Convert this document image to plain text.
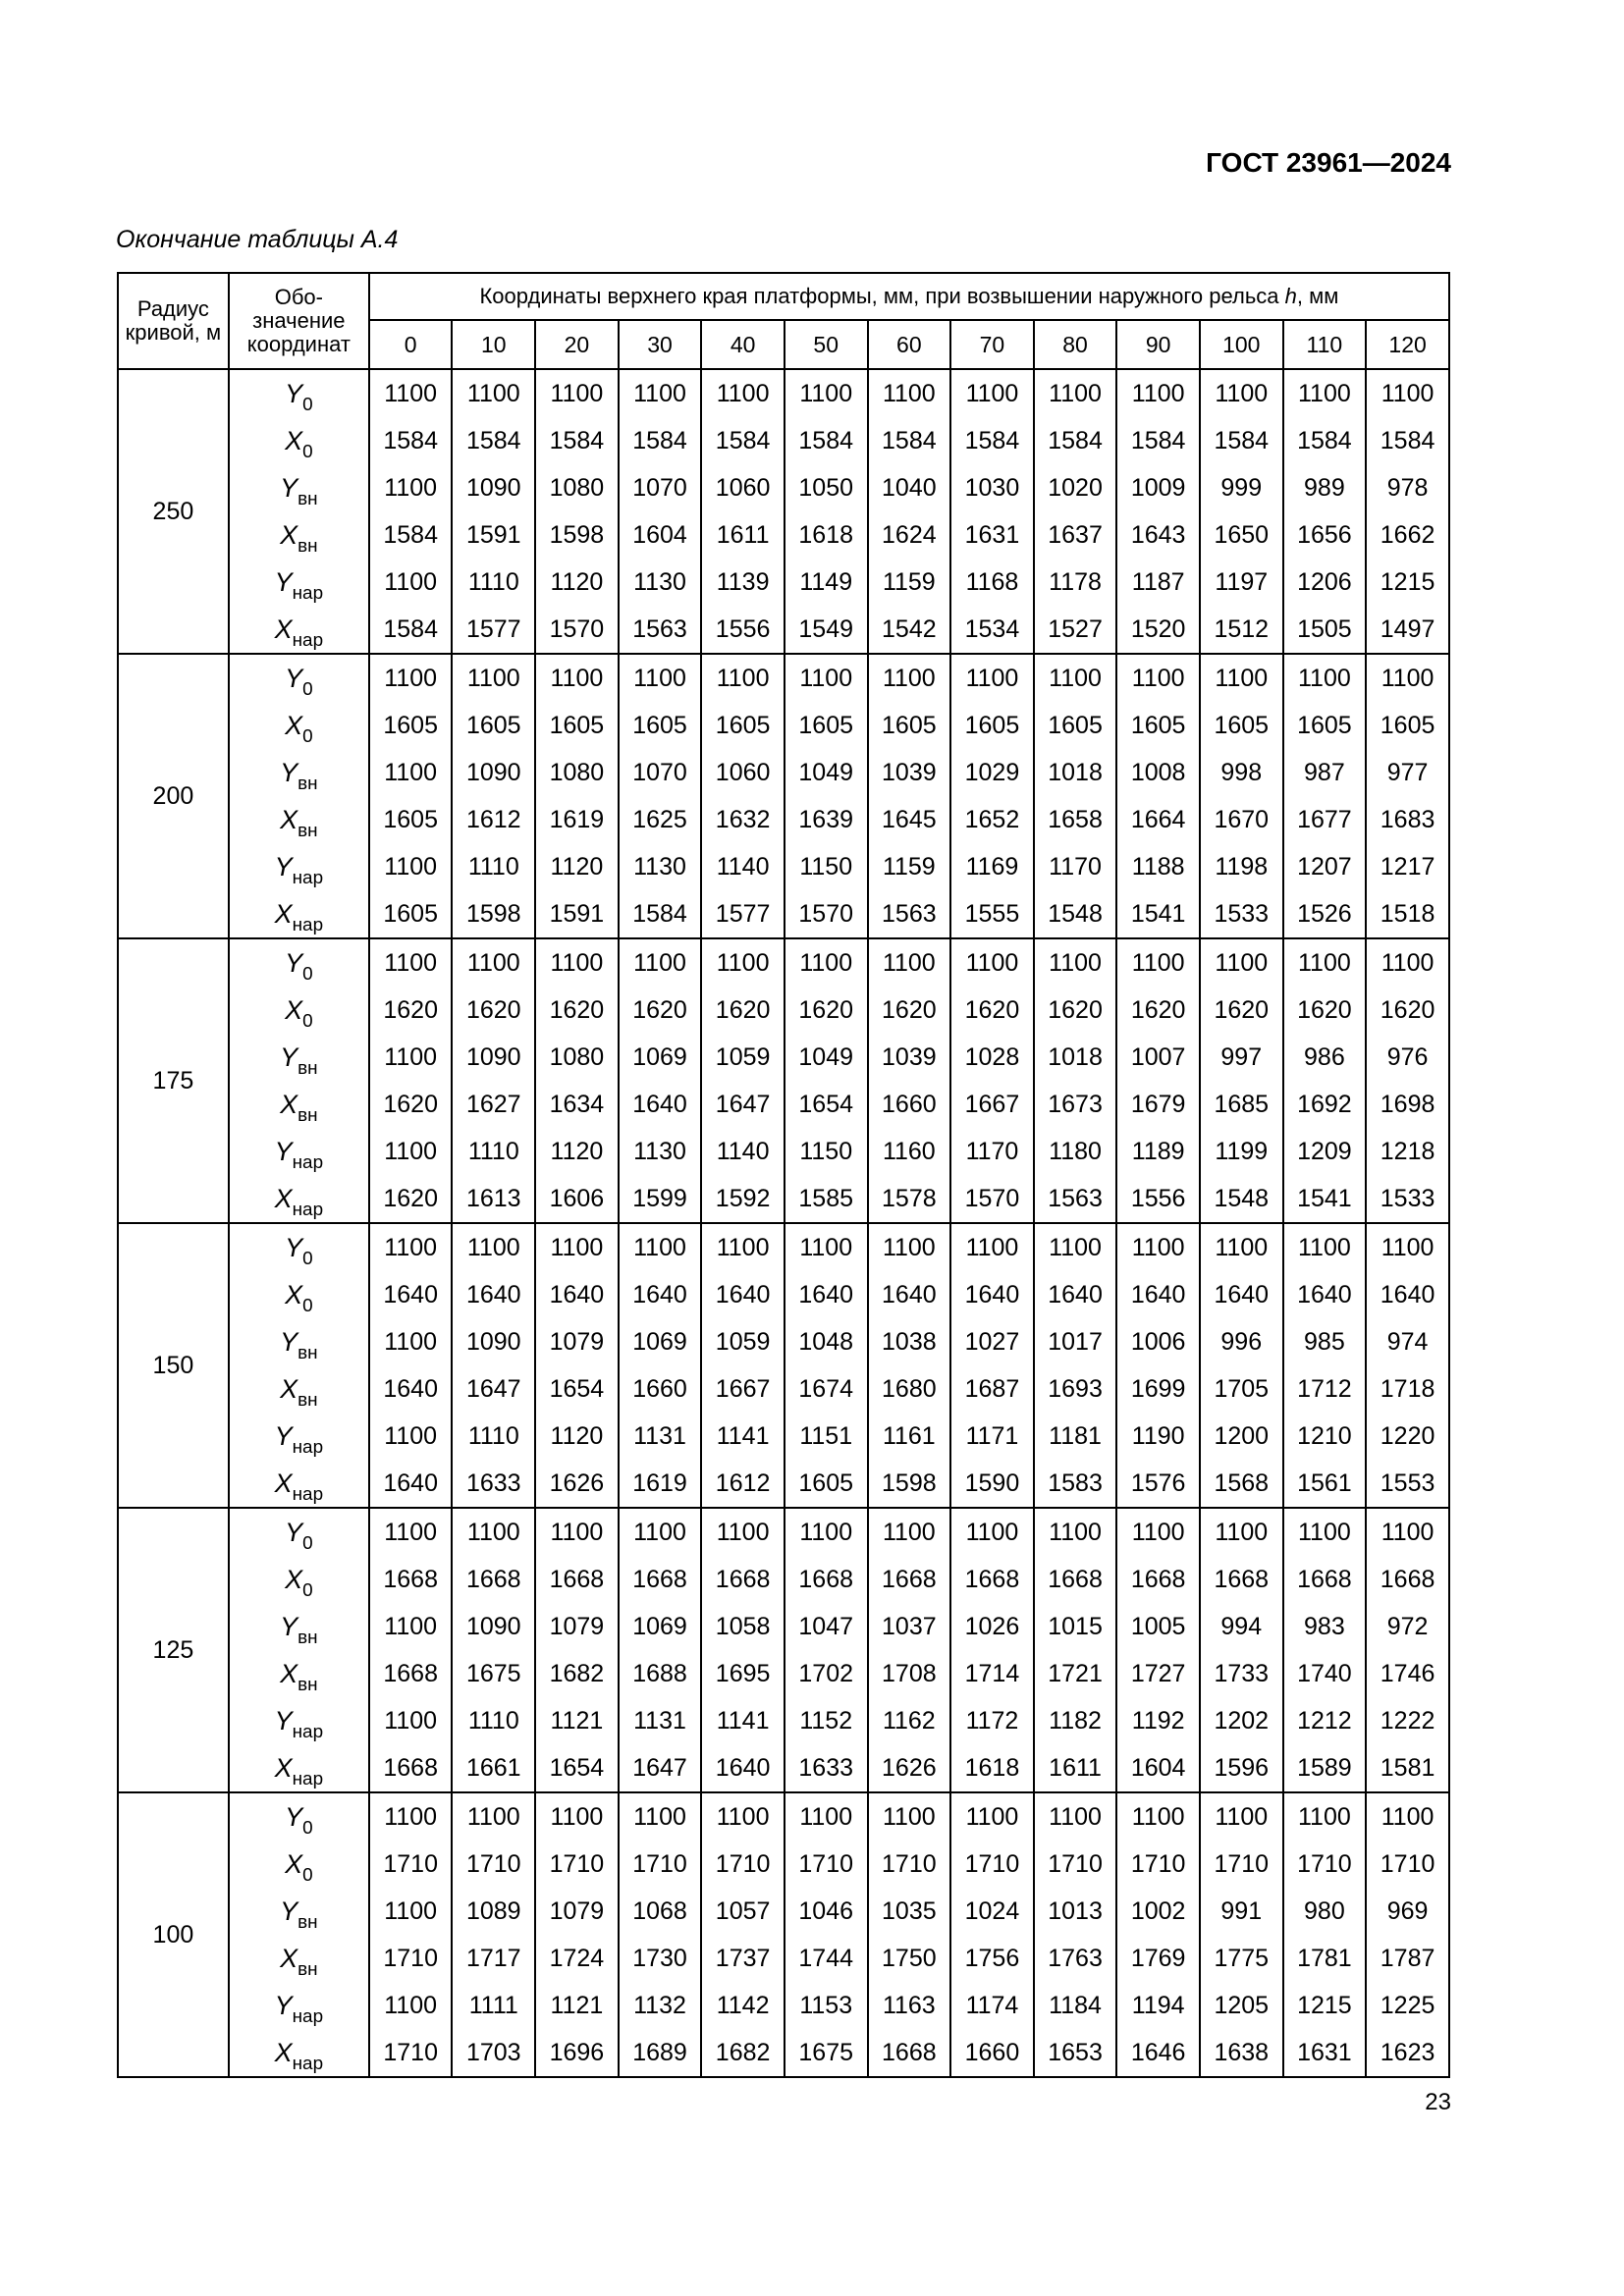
ГОСТ 23961—2024
Окончание таблицы А.4
Радиус кривой, м	Обо-
значение
координат	Координаты верхнего края платформы, мм, при возвышении наружного рельса h, мм												
		0	10	20	30	40	50	60	70	80	90	100	110	120
250	$Y_0$	1100	1100	1100	1100	1100	1100	1100	1100	1100	1100	1100	1100	1100
	$X_0$	1584	1584	1584	1584	1584	1584	1584	1584	1584	1584	1584	1584	1584
	$Y_{вн}$	1100	1090	1080	1070	1060	1050	1040	1030	1020	1009	999	989	978
	$X_{вн}$	1584	1591	1598	1604	1611	1618	1624	1631	1637	1643	1650	1656	1662
	$Y_{нар}$	1100	1110	1120	1130	1139	1149	1159	1168	1178	1187	1197	1206	1215
	$X_{нар}$	1584	1577	1570	1563	1556	1549	1542	1534	1527	1520	1512	1505	1497
200	$Y_0$	1100	1100	1100	1100	1100	1100	1100	1100	1100	1100	1100	1100	1100
	$X_0$	1605	1605	1605	1605	1605	1605	1605	1605	1605	1605	1605	1605	1605
	$Y_{вн}$	1100	1090	1080	1070	1060	1049	1039	1029	1018	1008	998	987	977
	$X_{вн}$	1605	1612	1619	1625	1632	1639	1645	1652	1658	1664	1670	1677	1683
	$Y_{нар}$	1100	1110	1120	1130	1140	1150	1159	1169	1170	1188	1198	1207	1217
	$X_{нар}$	1605	1598	1591	1584	1577	1570	1563	1555	1548	1541	1533	1526	1518
175	$Y_0$	1100	1100	1100	1100	1100	1100	1100	1100	1100	1100	1100	1100	1100
	$X_0$	1620	1620	1620	1620	1620	1620	1620	1620	1620	1620	1620	1620	1620
	$Y_{вн}$	1100	1090	1080	1069	1059	1049	1039	1028	1018	1007	997	986	976
	$X_{вн}$	1620	1627	1634	1640	1647	1654	1660	1667	1673	1679	1685	1692	1698
	$Y_{нар}$	1100	1110	1120	1130	1140	1150	1160	1170	1180	1189	1199	1209	1218
	$X_{нар}$	1620	1613	1606	1599	1592	1585	1578	1570	1563	1556	1548	1541	1533
150	$Y_0$	1100	1100	1100	1100	1100	1100	1100	1100	1100	1100	1100	1100	1100
	$X_0$	1640	1640	1640	1640	1640	1640	1640	1640	1640	1640	1640	1640	1640
	$Y_{вн}$	1100	1090	1079	1069	1059	1048	1038	1027	1017	1006	996	985	974
	$X_{вн}$	1640	1647	1654	1660	1667	1674	1680	1687	1693	1699	1705	1712	1718
	$Y_{нар}$	1100	1110	1120	1131	1141	1151	1161	1171	1181	1190	1200	1210	1220
	$X_{нар}$	1640	1633	1626	1619	1612	1605	1598	1590	1583	1576	1568	1561	1553
125	$Y_0$	1100	1100	1100	1100	1100	1100	1100	1100	1100	1100	1100	1100	1100
	$X_0$	1668	1668	1668	1668	1668	1668	1668	1668	1668	1668	1668	1668	1668
	$Y_{вн}$	1100	1090	1079	1069	1058	1047	1037	1026	1015	1005	994	983	972
	$X_{вн}$	1668	1675	1682	1688	1695	1702	1708	1714	1721	1727	1733	1740	1746
	$Y_{нар}$	1100	1110	1121	1131	1141	1152	1162	1172	1182	1192	1202	1212	1222
	$X_{нар}$	1668	1661	1654	1647	1640	1633	1626	1618	1611	1604	1596	1589	1581
100	$Y_0$	1100	1100	1100	1100	1100	1100	1100	1100	1100	1100	1100	1100	1100
	$X_0$	1710	1710	1710	1710	1710	1710	1710	1710	1710	1710	1710	1710	1710
	$Y_{вн}$	1100	1089	1079	1068	1057	1046	1035	1024	1013	1002	991	980	969
	$X_{вн}$	1710	1717	1724	1730	1737	1744	1750	1756	1763	1769	1775	1781	1787
	$Y_{нар}$	1100	1111	1121	1132	1142	1153	1163	1174	1184	1194	1205	1215	1225
	$X_{нар}$	1710	1703	1696	1689	1682	1675	1668	1660	1653	1646	1638	1631	1623
23
